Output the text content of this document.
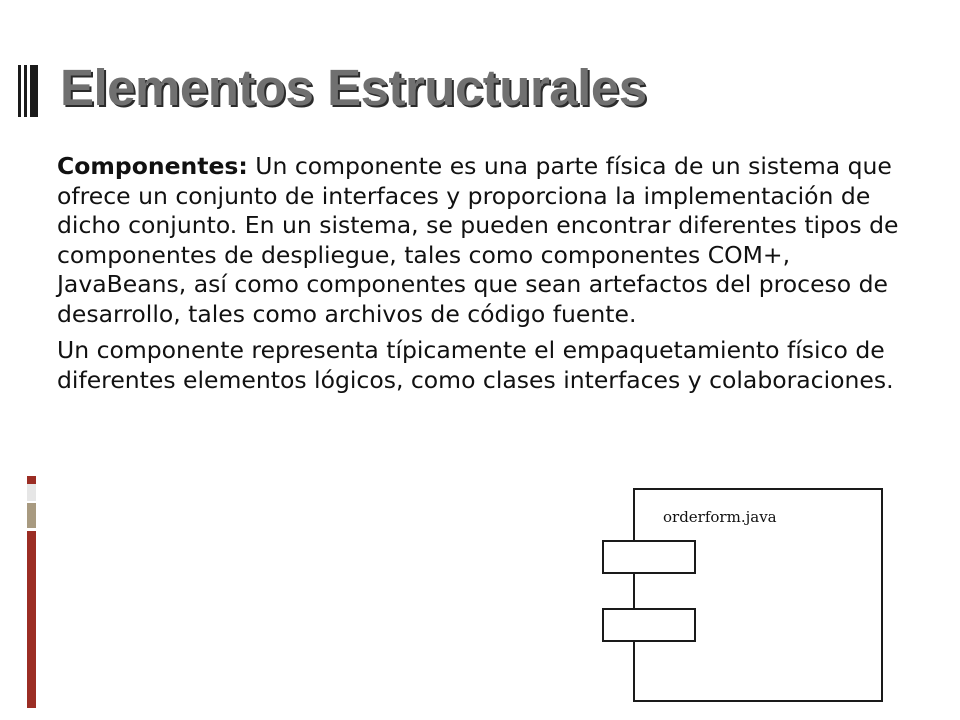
Elementos Estructurales

Componentes: Un componente es una parte física de un sistema que ofrece un conjunto de interfaces y proporciona la implementación de dicho conjunto. En un sistema, se pueden encontrar diferentes tipos de componentes de despliegue, tales como componentes COM+, JavaBeans, así como componentes que sean artefactos del proceso de desarrollo, tales como archivos de código fuente.

Un componente representa típicamente el empaquetamiento físico de diferentes elementos lógicos, como clases interfaces y colaboraciones.

orderform.java
